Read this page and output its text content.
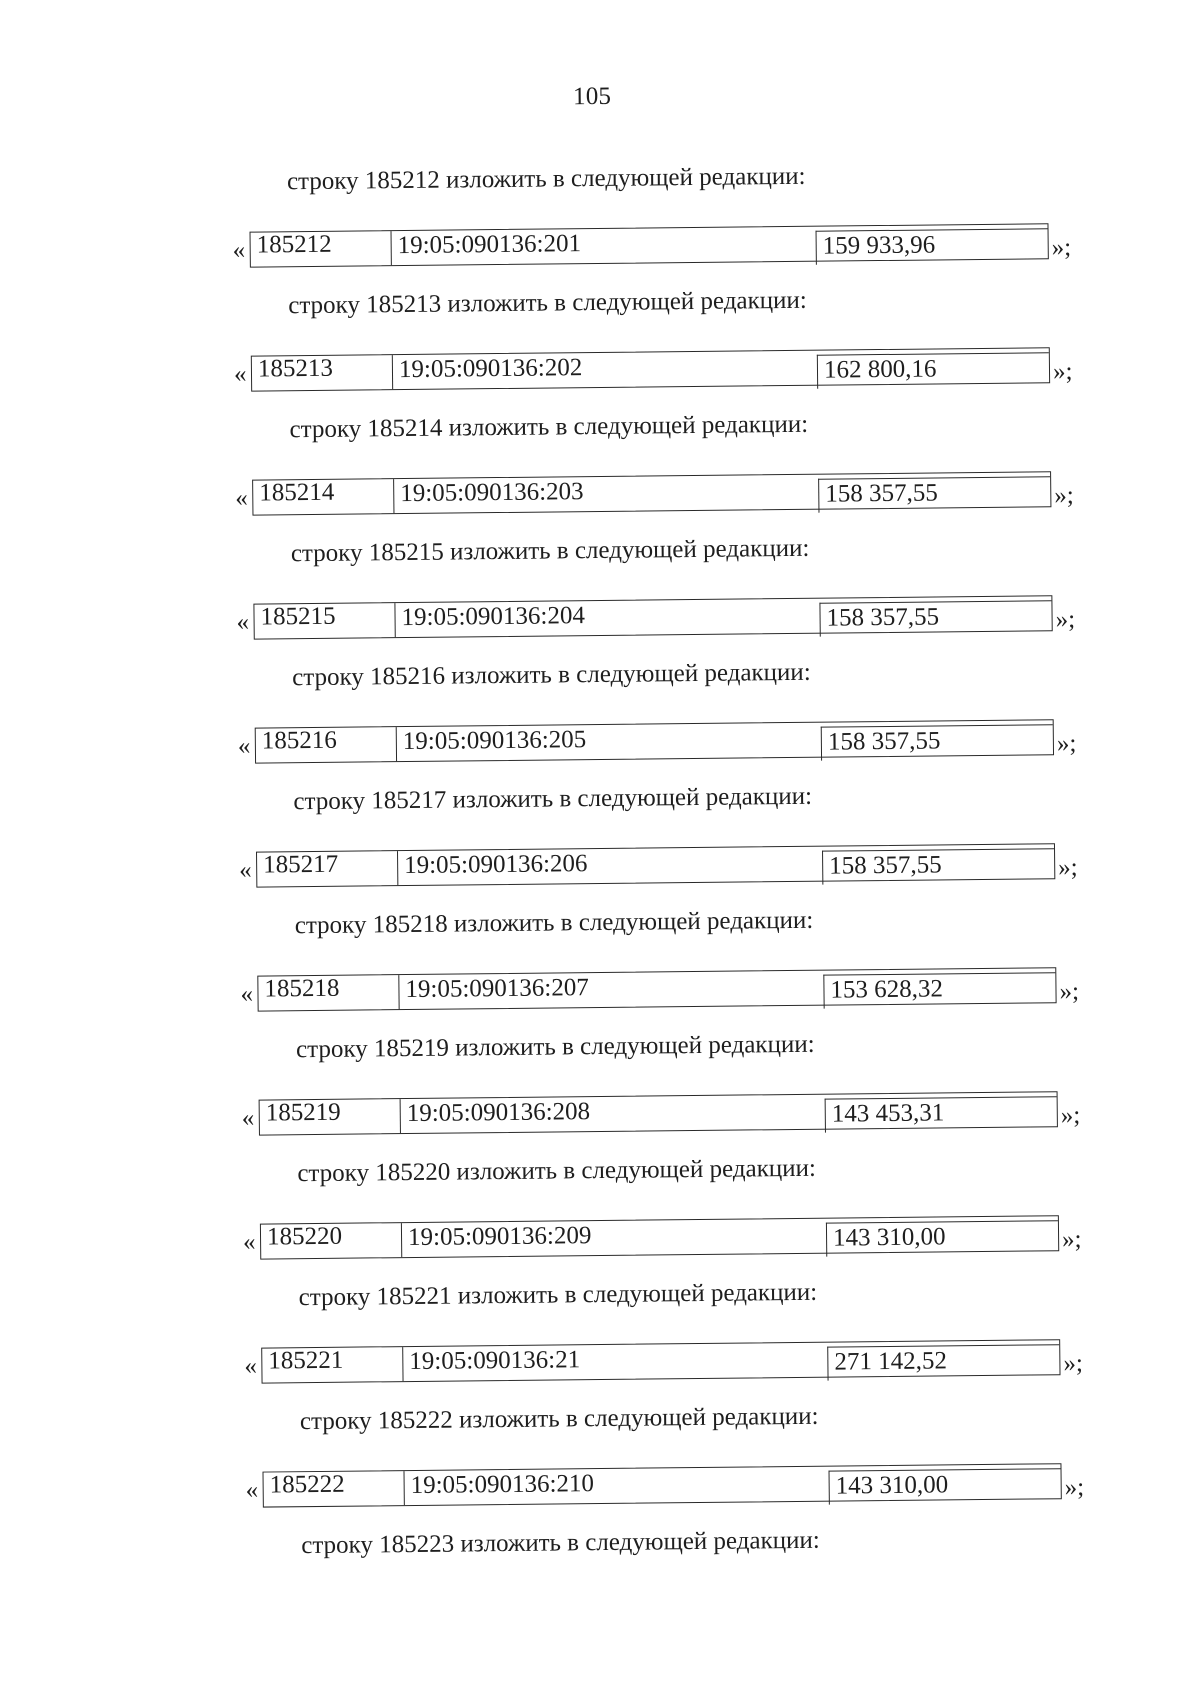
105
строку 185212 изложить в следующей редакции:
« 185212	19:05:090136:201	159 933,96	»;
строку 185213 изложить в следующей редакции:
« 185213	19:05:090136:202	162 800,16	»;
строку 185214 изложить в следующей редакции:
« 185214	19:05:090136:203	158 357,55	»;
строку 185215 изложить в следующей редакции:
« 185215	19:05:090136:204	158 357,55	»;
строку 185216 изложить в следующей редакции:
« 185216	19:05:090136:205	158 357,55	»;
строку 185217 изложить в следующей редакции:
« 185217	19:05:090136:206	158 357,55	»;
строку 185218 изложить в следующей редакции:
« 185218	19:05:090136:207	153 628,32	»;
строку 185219 изложить в следующей редакции:
« 185219	19:05:090136:208	143 453,31	»;
строку 185220 изложить в следующей редакции:
« 185220	19:05:090136:209	143 310,00	»;
строку 185221 изложить в следующей редакции:
« 185221	19:05:090136:21	271 142,52	»;
строку 185222 изложить в следующей редакции:
« 185222	19:05:090136:210	143 310,00	»;
строку 185223 изложить в следующей редакции:
